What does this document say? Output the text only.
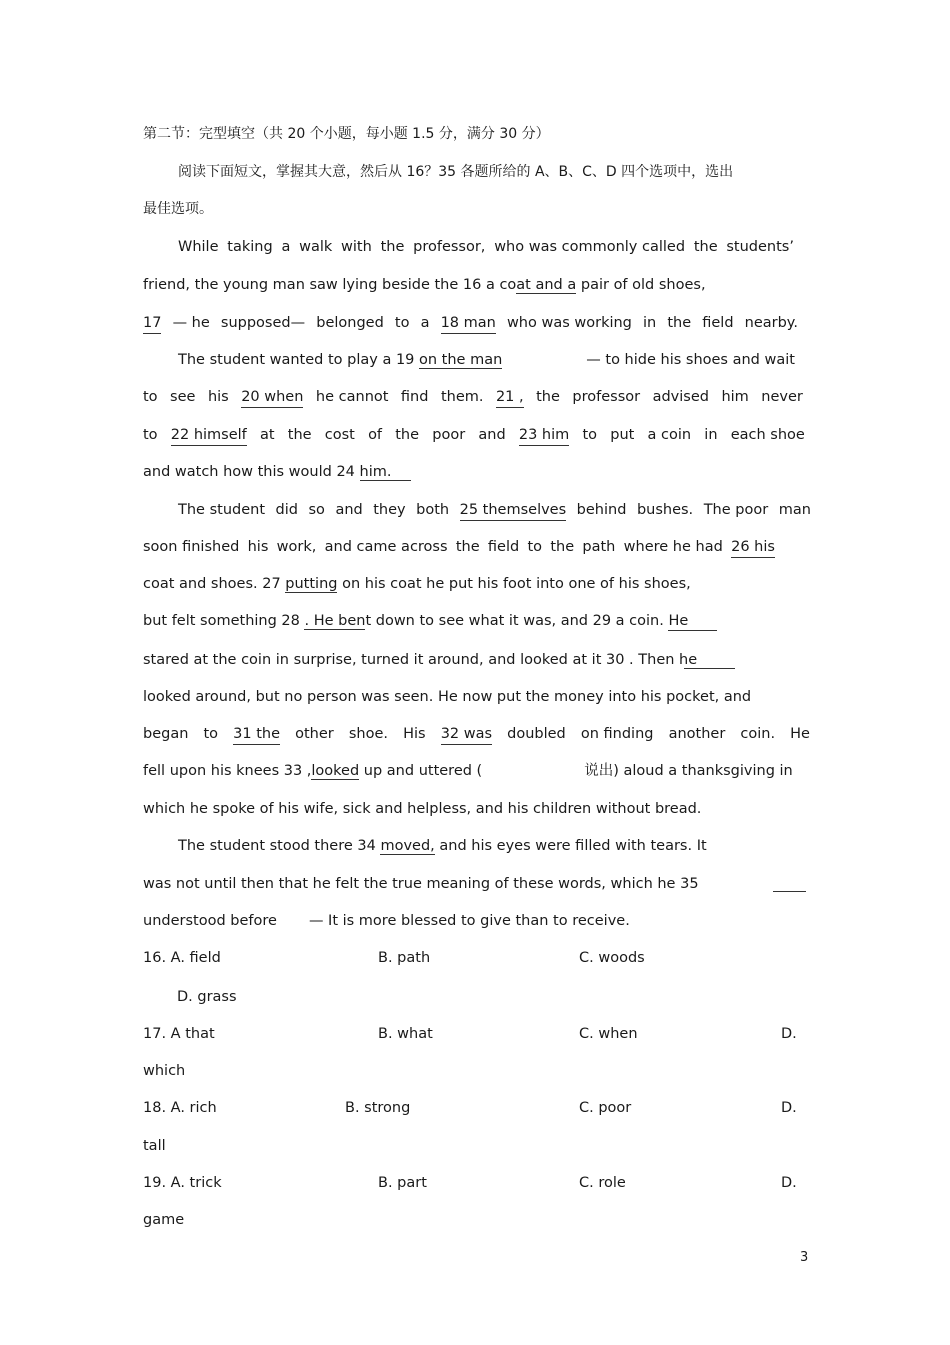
第二节：完型填空（共 20 个小题，每小题 1.5 分，满分 30 分）
阅读下面短文，掌握其大意，然后从 16？35 各题所给的 A、B、C、D 四个选项中，选出
最佳选项。
While taking a walk with the professor, who was commonly called the students’
friend, the young man saw lying beside the 16 a coat and a pair of old shoes,
17 — he supposed— belonged to a 18 man who was working in the field nearby.
The student wanted to play a 19 on the man	— to hide his shoes and wait
to see his 20 when he cannot find them. 21 , the professor advised him never
to 22 himself at the cost of the poor and 23 him to put a coin in each shoe
and watch how this would 24 him.
The student did so and they both 25 themselves behind bushes. The poor man
soon finished his work, and came across the field to the path where he had 26 his
coat and shoes. 27 putting on his coat he put his foot into one of his shoes,
but felt something 28 . He bent down to see what it was, and 29 a coin. He
stared at the coin in surprise, turned it around, and looked at it 30 . Then he
looked around, but no person was seen. He now put the money into his pocket, and
began to 31 the other shoe. His 32 was doubled on finding another coin. He
fell upon his knees 33 ,looked up and uttered (	说出) aloud a thanksgiving in
which he spoke of his wife, sick and helpless, and his children without bread.
The student stood there 34 moved, and his eyes were filled with tears. It
was not until then that he felt the true meaning of these words, which he 35
understood before — It is more blessed to give than to receive.
16. A. field	B. path	C. woods
D. grass
17. A that	B. what	C. when	D.
which
18. A. rich	B. strong	C. poor	D.
tall
19. A. trick	B. part	C. role	D.
game
3
